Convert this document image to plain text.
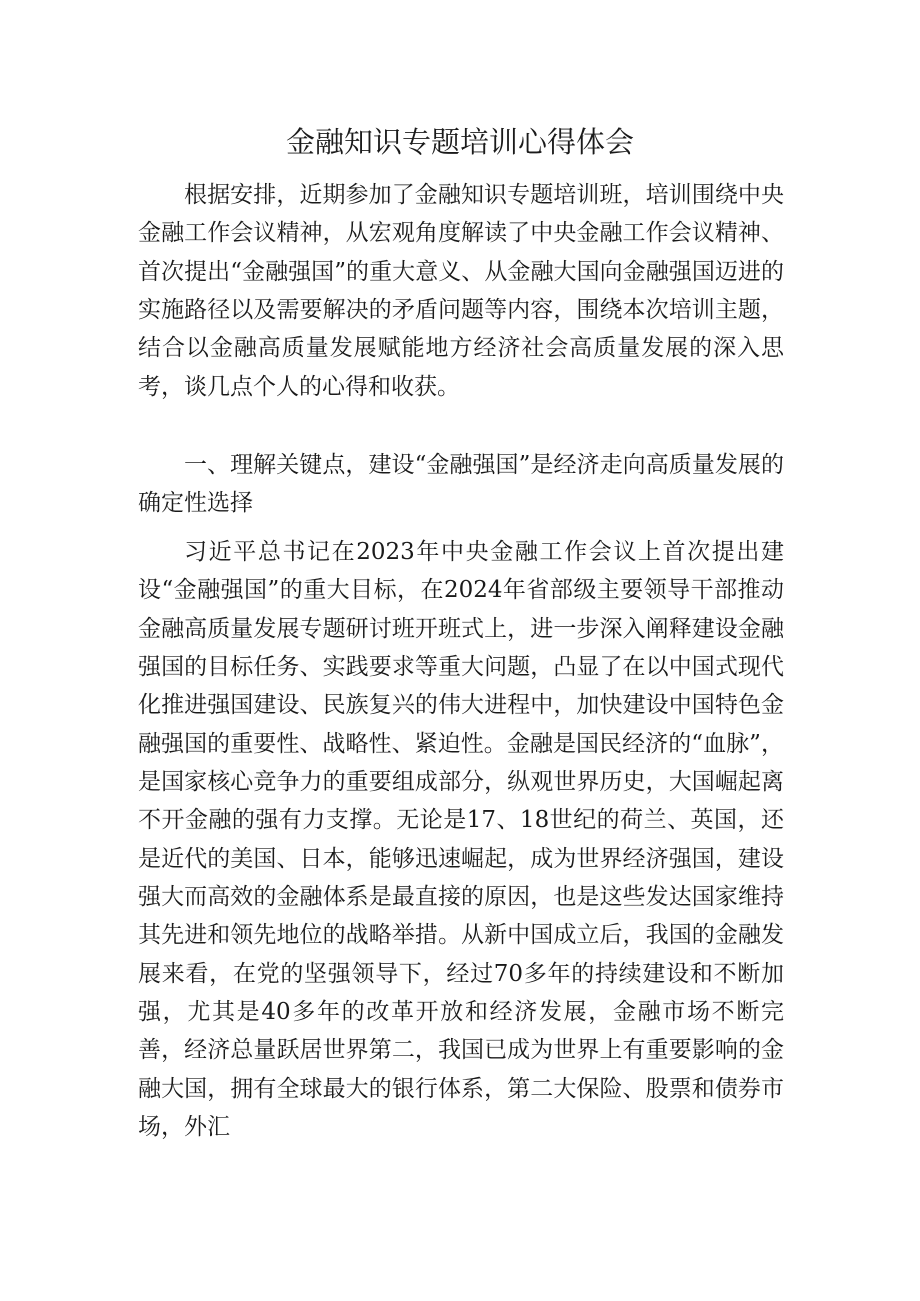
金融知识专题培训心得体会

根据安排，近期参加了金融知识专题培训班，培训围绕中央金融工作会议精神，从宏观角度解读了中央金融工作会议精神、首次提出“金融强国”的重大意义、从金融大国向金融强国迈进的实施路径以及需要解决的矛盾问题等内容，围绕本次培训主题，结合以金融高质量发展赋能地方经济社会高质量发展的深入思考，谈几点个人的心得和收获。

一、理解关键点，建设“金融强国”是经济走向高质量发展的确定性选择

习近平总书记在2023年中央金融工作会议上首次提出建设“金融强国”的重大目标，在2024年省部级主要领导干部推动金融高质量发展专题研讨班开班式上，进一步深入阐释建设金融强国的目标任务、实践要求等重大问题，凸显了在以中国式现代化推进强国建设、民族复兴的伟大进程中，加快建设中国特色金融强国的重要性、战略性、紧迫性。金融是国民经济的“血脉”，是国家核心竞争力的重要组成部分，纵观世界历史，大国崛起离不开金融的强有力支撑。无论是17、18世纪的荷兰、英国，还是近代的美国、日本，能够迅速崛起，成为世界经济强国，建设强大而高效的金融体系是最直接的原因，也是这些发达国家维持其先进和领先地位的战略举措。从新中国成立后，我国的金融发展来看，在党的坚强领导下，经过70多年的持续建设和不断加强，尤其是40多年的改革开放和经济发展，金融市场不断完善，经济总量跃居世界第二，我国已成为世界上有重要影响的金融大国，拥有全球最大的银行体系，第二大保险、股票和债券市场，外汇
